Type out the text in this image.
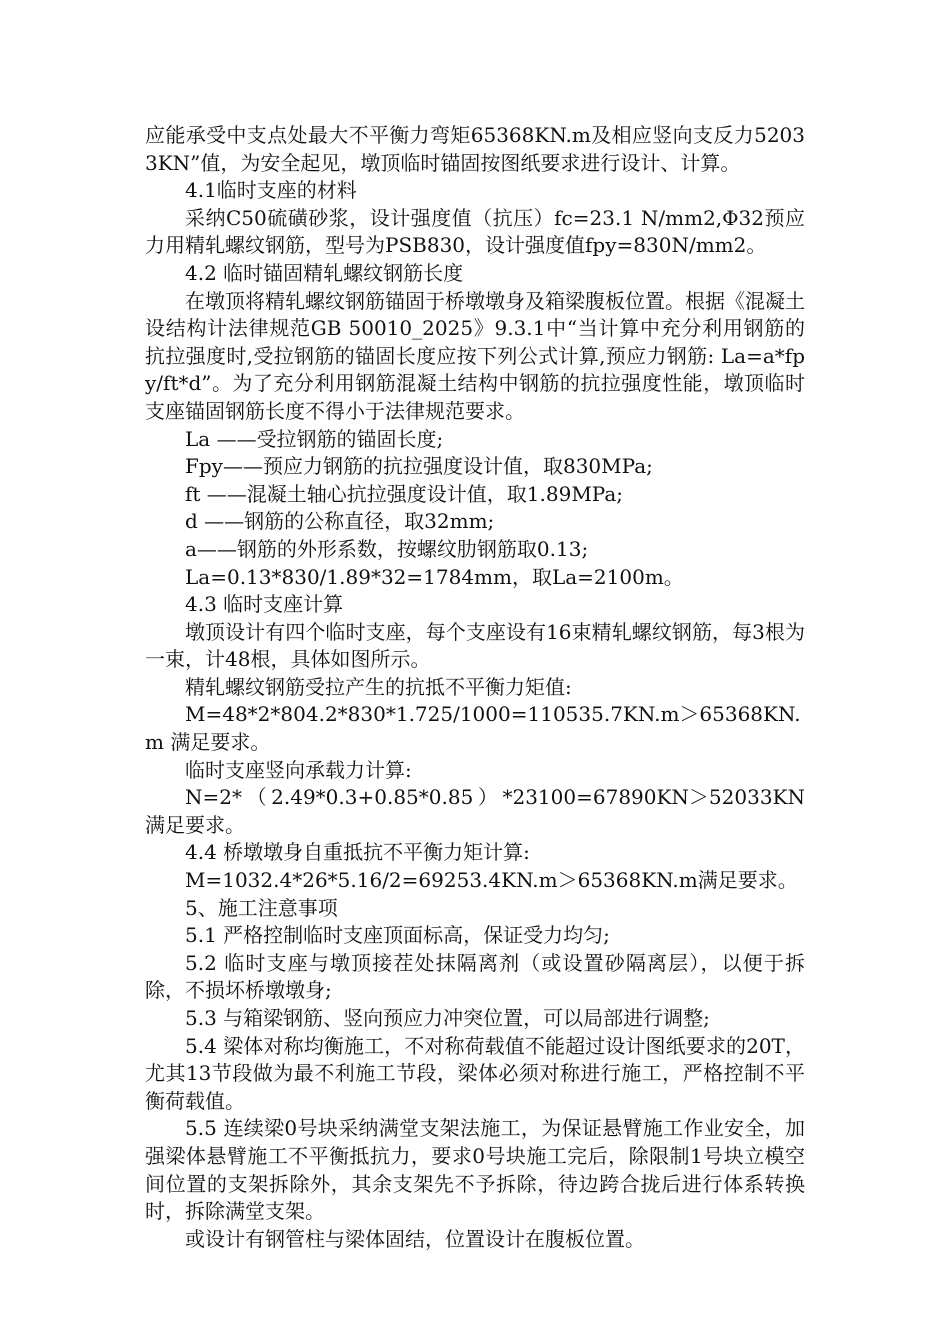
应能承受中支点处最大不平衡力弯矩65368KN.m及相应竖向支反力52033KN”值，为安全起见，墩顶临时锚固按图纸要求进行设计、计算。

4.1临时支座的材料

采纳C50硫磺砂浆，设计强度值（抗压）fc=23.1 N/mm2,Φ32预应力用精轧螺纹钢筋，型号为PSB830，设计强度值fpy=830N/mm2。

4.2 临时锚固精轧螺纹钢筋长度

在墩顶将精轧螺纹钢筋锚固于桥墩墩身及箱梁腹板位置。根据《混凝土设结构计法律规范GB 50010_2025》9.3.1中“当计算中充分利用钢筋的抗拉强度时,受拉钢筋的锚固长度应按下列公式计算,预应力钢筋: La=a*fpy/ft*d”。为了充分利用钢筋混凝土结构中钢筋的抗拉强度性能，墩顶临时支座锚固钢筋长度不得小于法律规范要求。

La ——受拉钢筋的锚固长度;

Fpy——预应力钢筋的抗拉强度设计值，取830MPa;

ft ——混凝土轴心抗拉强度设计值，取1.89MPa;

d ——钢筋的公称直径，取32mm;

a——钢筋的外形系数，按螺纹肋钢筋取0.13;

La=0.13*830/1.89*32=1784mm，取La=2100m。

4.3 临时支座计算

墩顶设计有四个临时支座，每个支座设有16束精轧螺纹钢筋，每3根为一束，计48根，具体如图所示。

精轧螺纹钢筋受拉产生的抗抵不平衡力矩值:

M=48*2*804.2*830*1.725/1000=110535.7KN.m＞65368KN.m 满足要求。

临时支座竖向承载力计算:

N=2*（2.49*0.3+0.85*0.85）*23100=67890KN＞52033KN 满足要求。

4.4 桥墩墩身自重抵抗不平衡力矩计算:

M=1032.4*26*5.16/2=69253.4KN.m＞65368KN.m满足要求。

5、施工注意事项

5.1 严格控制临时支座顶面标高，保证受力均匀;

5.2 临时支座与墩顶接茬处抹隔离剂（或设置砂隔离层），以便于拆除，不损坏桥墩墩身;

5.3 与箱梁钢筋、竖向预应力冲突位置，可以局部进行调整;

5.4 梁体对称均衡施工，不对称荷载值不能超过设计图纸要求的20T，尤其13节段做为最不利施工节段，梁体必须对称进行施工，严格控制不平衡荷载值。

5.5 连续梁0号块采纳满堂支架法施工，为保证悬臂施工作业安全，加强梁体悬臂施工不平衡抵抗力，要求0号块施工完后，除限制1号块立模空间位置的支架拆除外，其余支架先不予拆除，待边跨合拢后进行体系转换时，拆除满堂支架。

或设计有钢管柱与梁体固结，位置设计在腹板位置。
